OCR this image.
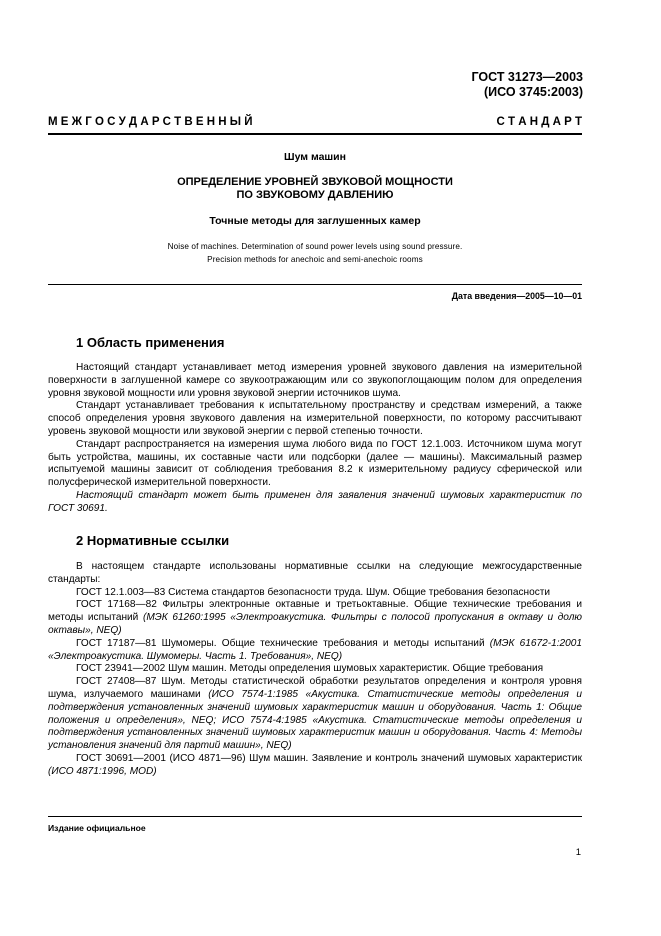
ГОСТ 31273—2003
(ИСО 3745:2003)
М Е Ж Г О С У Д А Р С Т В Е Н Н Ы Й	С Т А Н Д А Р Т
Шум машин
ОПРЕДЕЛЕНИЕ УРОВНЕЙ ЗВУКОВОЙ МОЩНОСТИ
ПО ЗВУКОВОМУ ДАВЛЕНИЮ
Точные методы для заглушенных камер
Noise of machines. Determination of sound power levels using sound pressure.
Precision methods for anechoic and semi-anechoic rooms
Дата введения—2005—10—01
1 Область применения

Настоящий стандарт устанавливает метод измерения уровней звукового давления на измерительной поверхности в заглушенной камере со звукоотражающим или со звукопоглощающим полом для определения уровня звуковой мощности или уровня звуковой энергии источников шума.

Стандарт устанавливает требования к испытательному пространству и средствам измерений, а также способ определения уровня звукового давления на измерительной поверхности, по которому рассчитывают уровень звуковой мощности или звуковой энергии с первой степенью точности.

Стандарт распространяется на измерения шума любого вида по ГОСТ 12.1.003. Источником шума могут быть устройства, машины, их составные части или подсборки (далее — машины). Максимальный размер испытуемой машины зависит от соблюдения требования 8.2 к измерительному радиусу сферической или полусферической измерительной поверхности.

Настоящий стандарт может быть применен для заявления значений шумовых характеристик по ГОСТ 30691.

2 Нормативные ссылки

В настоящем стандарте использованы нормативные ссылки на следующие межгосударственные стандарты:

ГОСТ 12.1.003—83 Система стандартов безопасности труда. Шум. Общие требования безопасности

ГОСТ 17168—82 Фильтры электронные октавные и третьоктавные. Общие технические требования и методы испытаний (МЭК 61260:1995 «Электроакустика. Фильтры с полосой пропускания в октаву и долю октавы», NEQ)

ГОСТ 17187—81 Шумомеры. Общие технические требования и методы испытаний (МЭК 61672-1:2001 «Электроакустика. Шумомеры. Часть 1. Требования», NEQ)

ГОСТ 23941—2002 Шум машин. Методы определения шумовых характеристик. Общие требования

ГОСТ 27408—87 Шум. Методы статистической обработки результатов определения и контроля уровня шума, излучаемого машинами (ИСО 7574-1:1985 «Акустика. Статистические методы определения и подтверждения установленных значений шумовых характеристик машин и оборудования. Часть 1: Общие положения и определения», NEQ; ИСО 7574-4:1985 «Акустика. Статистические методы определения и подтверждения установленных значений шумовых характеристик машин и оборудования. Часть 4: Методы установления значений для партий машин», NEQ)

ГОСТ 30691—2001 (ИСО 4871—96) Шум машин. Заявление и контроль значений шумовых характеристик (ИСО 4871:1996, MOD)

Издание официальное
1
